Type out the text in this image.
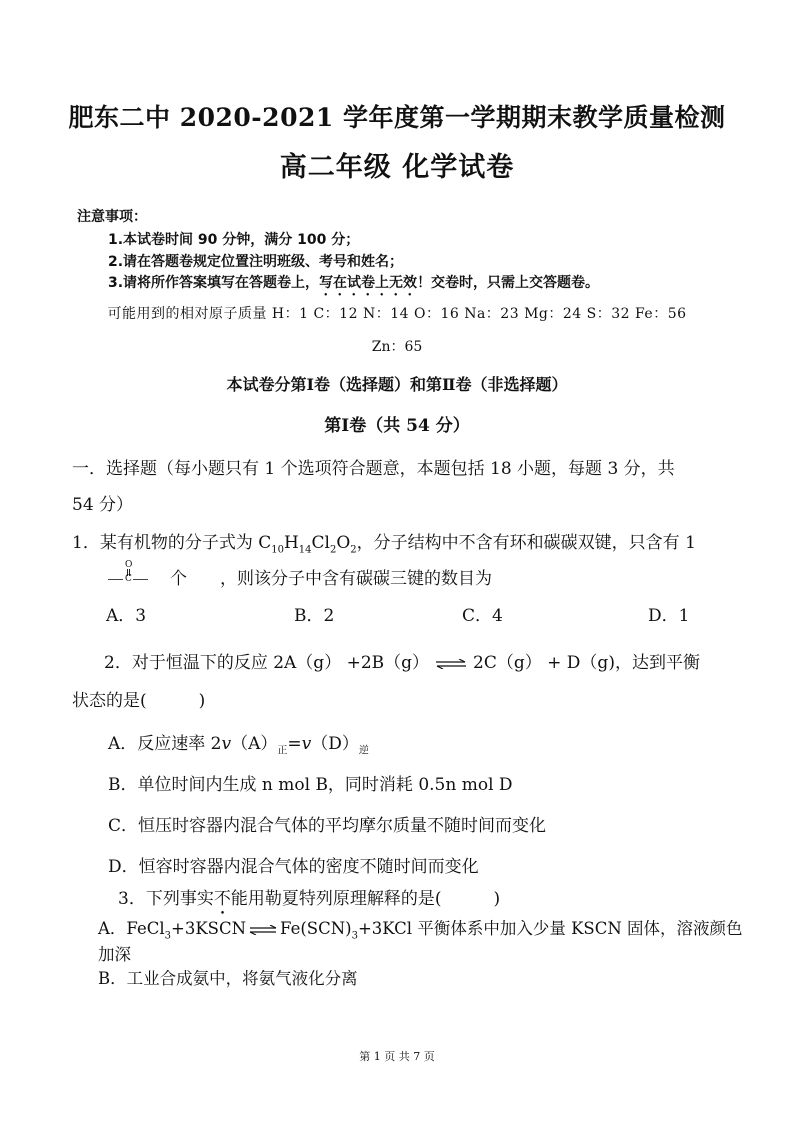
肥东二中 2020-2021 学年度第一学期期末教学质量检测
高二年级 化学试卷
注意事项：
1.本试卷时间 90 分钟，满分 100 分；
2.请在答题卷规定位置注明班级、考号和姓名；
3.请将所作答案填写在答题卷上，写在试卷上无效！交卷时，只需上交答题卷。
可能用到的相对原子质量 H：1 C：12 N：14 O：16 Na：23 Mg：24 S：32 Fe：56
Zn：65
本试卷分第Ⅰ卷（选择题）和第Ⅱ卷（非选择题）
第Ⅰ卷（共 54 分）
一．选择题（每小题只有 1 个选项符合题意，本题包括 18 小题，每题 3 分，共
54 分）
1．某有机物的分子式为 $C_{10}H_{14}Cl_2O_2$，分子结构中不含有环和碳碳双键，只含有 1
O
C 个 ，则该分子中含有碳碳三键的数目为
A．3	B．2	C．4	D．1
2．对于恒温下的反应 2A（g） +2B（g） ⇌ 2C（g） + D（g)，达到平衡
状态的是(	)
A．反应速率 $2v(A)_正=v(D)_逆$
B．单位时间内生成 n mol B，同时消耗 0.5n mol D
C．恒压时容器内混合气体的平均摩尔质量不随时间而变化
D．恒容时容器内混合气体的密度不随时间而变化
3．下列事实不能用勒夏特列原理解释的是(	)
A．FeCl$_3$+3KSCN ⇌ $Fe(SCN)_3+3KCl$ 平衡体系中加入少量 KSCN 固体，溶液颜色
加深
B．工业合成氨中，将氨气液化分离
第 1 页 共 7 页
